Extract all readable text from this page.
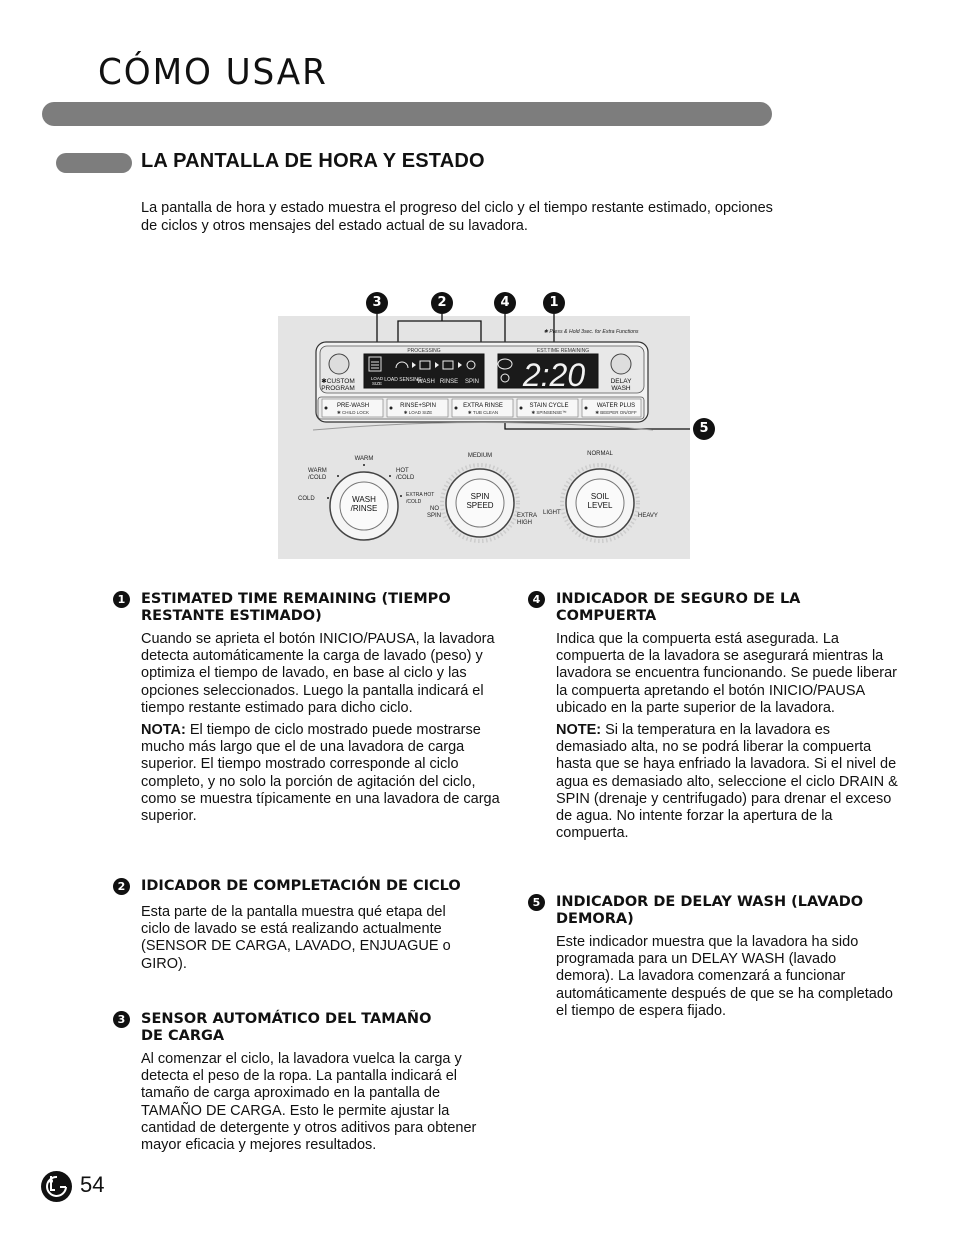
CÓMO USAR
LA PANTALLA DE HORA Y ESTADO
La pantalla de hora y estado muestra el progreso del ciclo y el tiempo restante estimado, opciones de ciclos y otros mensajes del estado actual de su lavadora.
3	2	4	1
5
✱CUSTOM
PROGRAM
PROCESSING
LOAD
SIZE
LOAD SENSING
WASH RINSE SPIN
EST.TIME REMAINING
2:20	DELAY
WASH
✱ Press & Hold 3sec. for Extra Functions
PRE-WASH
✱ CHILD LOCK
RINSE+SPIN
✱ LOAD SIZE
EXTRA RINSE
✱ TUB CLEAN
STAIN CYCLE
✱ SPINSENSE™
WATER PLUS
✱ BEEPER ON/OFF
WASH
/RINSE
WARM
WARM
/COLD
HOT
/COLD
COLD
EXTRA HOT
/COLD
SPIN
SPEED
MEDIUM
NO
SPIN	EXTRA
HIGH
SOIL
LEVEL
NORMAL
LIGHT	HEAVY
1	ESTIMATED TIME REMAINING (TIEMPO RESTANTE ESTIMADO)
Cuando se aprieta el botón INICIO/PAUSA, la lavadora detecta automáticamente la carga de lavado (peso) y optimiza el tiempo de lavado, en base al ciclo y las opciones seleccionados. Luego la pantalla indicará el tiempo restante estimado para dicho ciclo.
NOTA: El tiempo de ciclo mostrado puede mostrarse mucho más largo que el de una lavadora de carga superior. El tiempo mostrado corresponde al ciclo completo, y no solo la porción de agitación del ciclo, como se muestra típicamente en una lavadora de carga superior.
2	IDICADOR DE COMPLETACIÓN DE CICLO
Esta parte de la pantalla muestra qué etapa del ciclo de lavado se está realizando actualmente (SENSOR DE CARGA, LAVADO, ENJUAGUE o GIRO).
3	SENSOR AUTOMÁTICO DEL TAMAÑO DE CARGA
Al comenzar el ciclo, la lavadora vuelca la carga y detecta el peso de la ropa. La pantalla indicará el tamaño de carga aproximado en la pantalla de TAMAÑO DE CARGA. Esto le permite ajustar la cantidad de detergente y otros aditivos para obtener mayor eficacia y mejores resultados.
4	INDICADOR DE SEGURO DE LA COMPUERTA
Indica que la compuerta está asegurada. La compuerta de la lavadora se asegurará mientras la lavadora se encuentra funcionando. Se puede liberar la compuerta apretando el botón INICIO/PAUSA ubicado en la parte superior de la lavadora.
NOTE: Si la temperatura en la lavadora es demasiado alta, no se podrá liberar la compuerta hasta que se haya enfriado la lavadora. Si el nivel de agua es demasiado alto, seleccione el ciclo DRAIN & SPIN (drenaje y centrifugado) para drenar el exceso de agua. No intente forzar la apertura de la compuerta.
5	INDICADOR DE DELAY WASH (LAVADO DEMORA)
Este indicador muestra que la lavadora ha sido programada para un DELAY WASH (lavado demora). La lavadora comenzará a funcionar automáticamente después de que se ha completado el tiempo de espera fijado.
54
